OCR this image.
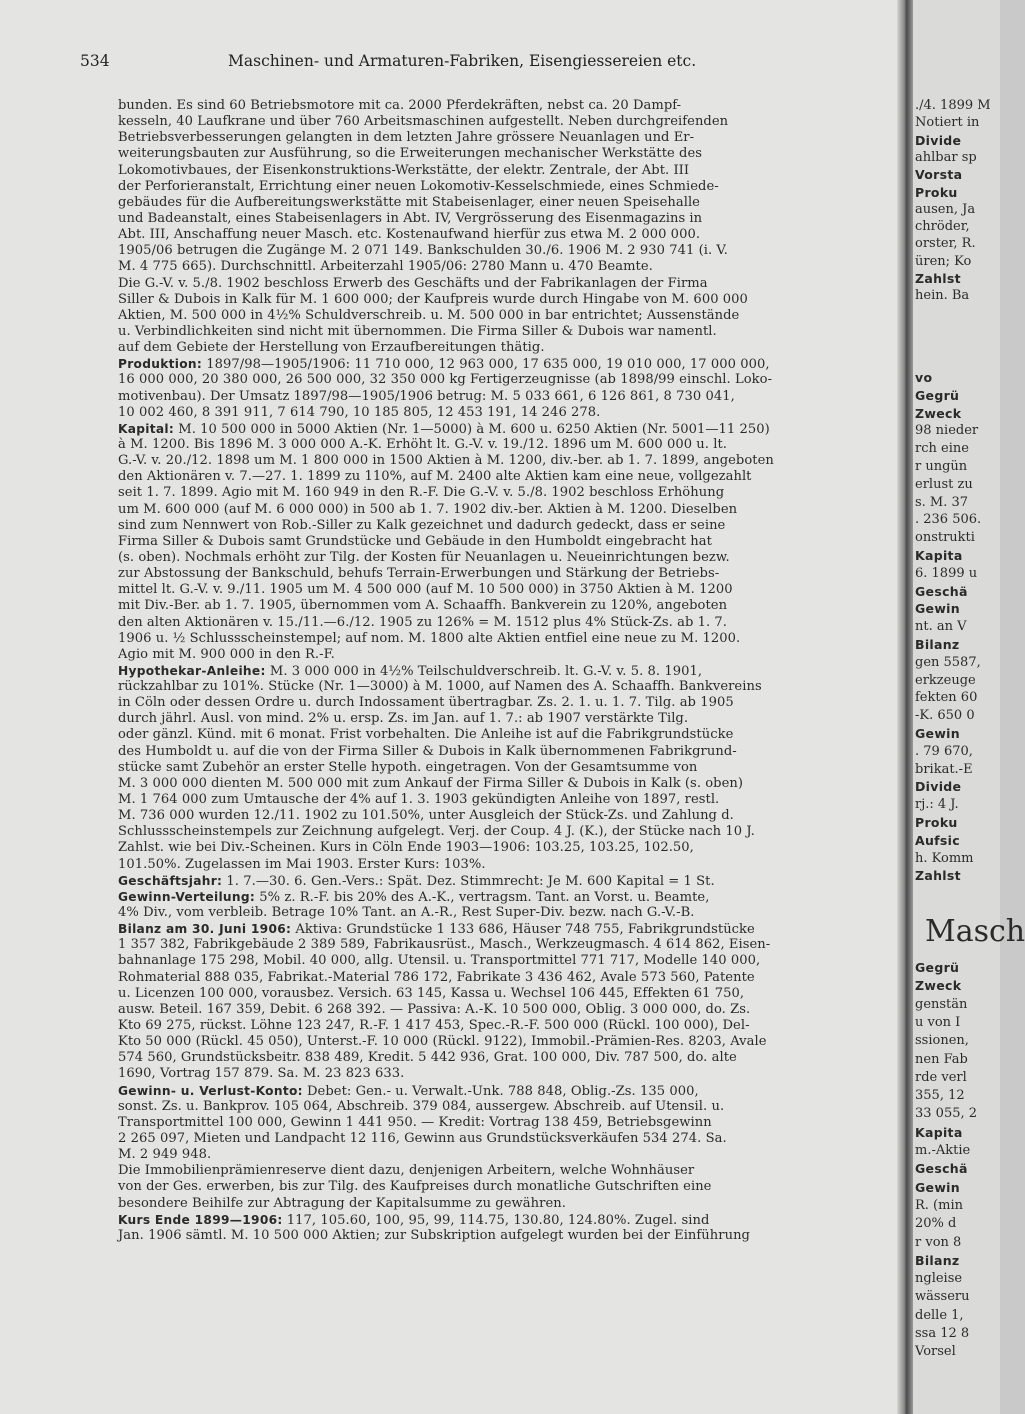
534	Maschinen- und Armaturen-Fabriken, Eisengiessereien etc.
bunden. Es sind 60 Betriebsmotore mit ca. 2000 Pferdekräften, nebst ca. 20 Dampf-
kesseln, 40 Laufkrane und über 760 Arbeitsmaschinen aufgestellt. Neben durchgreifenden
Betriebsverbesserungen gelangten in dem letzten Jahre grössere Neuanlagen und Er-
weiterungsbauten zur Ausführung, so die Erweiterungen mechanischer Werkstätte des
Lokomotivbaues, der Eisenkonstruktions-Werkstätte, der elektr. Zentrale, der Abt. III
der Perforieranstalt, Errichtung einer neuen Lokomotiv-Kesselschmiede, eines Schmiede-
gebäudes für die Aufbereitungswerkstätte mit Stabeisenlager, einer neuen Speisehalle
und Badeanstalt, eines Stabeisenlagers in Abt. IV, Vergrösserung des Eisenmagazins in
Abt. III, Anschaffung neuer Masch. etc. Kostenaufwand hierfür zus etwa M. 2 000 000.
1905/06 betrugen die Zugänge M. 2 071 149. Bankschulden 30./6. 1906 M. 2 930 741 (i. V.
M. 4 775 665). Durchschnittl. Arbeiterzahl 1905/06: 2780 Mann u. 470 Beamte.
Die G.-V. v. 5./8. 1902 beschloss Erwerb des Geschäfts und der Fabrikanlagen der Firma
Siller & Dubois in Kalk für M. 1 600 000; der Kaufpreis wurde durch Hingabe von M. 600 000
Aktien, M. 500 000 in 4½% Schuldverschreib. u. M. 500 000 in bar entrichtet; Aussenstände
u. Verbindlichkeiten sind nicht mit übernommen. Die Firma Siller & Dubois war namentl.
auf dem Gebiete der Herstellung von Erzaufbereitungen thätig.
Produktion: 1897/98—1905/1906: 11 710 000, 12 963 000, 17 635 000, 19 010 000, 17 000 000,
16 000 000, 20 380 000, 26 500 000, 32 350 000 kg Fertigerzeugnisse (ab 1898/99 einschl. Loko-
motivenbau). Der Umsatz 1897/98—1905/1906 betrug: M. 5 033 661, 6 126 861, 8 730 041,
10 002 460, 8 391 911, 7 614 790, 10 185 805, 12 453 191, 14 246 278.
Kapital: M. 10 500 000 in 5000 Aktien (Nr. 1—5000) à M. 600 u. 6250 Aktien (Nr. 5001—11 250)
à M. 1200. Bis 1896 M. 3 000 000 A.-K. Erhöht lt. G.-V. v. 19./12. 1896 um M. 600 000 u. lt.
G.-V. v. 20./12. 1898 um M. 1 800 000 in 1500 Aktien à M. 1200, div.-ber. ab 1. 7. 1899, angeboten
den Aktionären v. 7.—27. 1. 1899 zu 110%, auf M. 2400 alte Aktien kam eine neue, vollgezahlt
seit 1. 7. 1899. Agio mit M. 160 949 in den R.-F. Die G.-V. v. 5./8. 1902 beschloss Erhöhung
um M. 600 000 (auf M. 6 000 000) in 500 ab 1. 7. 1902 div.-ber. Aktien à M. 1200. Dieselben
sind zum Nennwert von Rob.-Siller zu Kalk gezeichnet und dadurch gedeckt, dass er seine
Firma Siller & Dubois samt Grundstücke und Gebäude in den Humboldt eingebracht hat
(s. oben). Nochmals erhöht zur Tilg. der Kosten für Neuanlagen u. Neueinrichtungen bezw.
zur Abstossung der Bankschuld, behufs Terrain-Erwerbungen und Stärkung der Betriebs-
mittel lt. G.-V. v. 9./11. 1905 um M. 4 500 000 (auf M. 10 500 000) in 3750 Aktien à M. 1200
mit Div.-Ber. ab 1. 7. 1905, übernommen vom A. Schaaffh. Bankverein zu 120%, angeboten
den alten Aktionären v. 15./11.—6./12. 1905 zu 126% = M. 1512 plus 4% Stück-Zs. ab 1. 7.
1906 u. ½ Schlussscheinstempel; auf nom. M. 1800 alte Aktien entfiel eine neue zu M. 1200.
Agio mit M. 900 000 in den R.-F.
Hypothekar-Anleihe: M. 3 000 000 in 4½% Teilschuldverschreib. lt. G.-V. v. 5. 8. 1901,
rückzahlbar zu 101%. Stücke (Nr. 1—3000) à M. 1000, auf Namen des A. Schaaffh. Bankvereins
in Cöln oder dessen Ordre u. durch Indossament übertragbar. Zs. 2. 1. u. 1. 7. Tilg. ab 1905
durch jährl. Ausl. von mind. 2% u. ersp. Zs. im Jan. auf 1. 7.: ab 1907 verstärkte Tilg.
oder gänzl. Künd. mit 6 monat. Frist vorbehalten. Die Anleihe ist auf die Fabrikgrundstücke
des Humboldt u. auf die von der Firma Siller & Dubois in Kalk übernommenen Fabrikgrund-
stücke samt Zubehör an erster Stelle hypoth. eingetragen. Von der Gesamtsumme von
M. 3 000 000 dienten M. 500 000 mit zum Ankauf der Firma Siller & Dubois in Kalk (s. oben)
M. 1 764 000 zum Umtausche der 4% auf 1. 3. 1903 gekündigten Anleihe von 1897, restl.
M. 736 000 wurden 12./11. 1902 zu 101.50%, unter Ausgleich der Stück-Zs. und Zahlung d.
Schlussscheinstempels zur Zeichnung aufgelegt. Verj. der Coup. 4 J. (K.), der Stücke nach 10 J.
Zahlst. wie bei Div.-Scheinen. Kurs in Cöln Ende 1903—1906: 103.25, 103.25, 102.50,
101.50%. Zugelassen im Mai 1903. Erster Kurs: 103%.
Geschäftsjahr: 1. 7.—30. 6. Gen.-Vers.: Spät. Dez. Stimmrecht: Je M. 600 Kapital = 1 St.
Gewinn-Verteilung: 5% z. R.-F. bis 20% des A.-K., vertragsm. Tant. an Vorst. u. Beamte,
4% Div., vom verbleib. Betrage 10% Tant. an A.-R., Rest Super-Div. bezw. nach G.-V.-B.
Bilanz am 30. Juni 1906: Aktiva: Grundstücke 1 133 686, Häuser 748 755, Fabrikgrundstücke
1 357 382, Fabrikgebäude 2 389 589, Fabrikausrüst., Masch., Werkzeugmasch. 4 614 862, Eisen-
bahnanlage 175 298, Mobil. 40 000, allg. Utensil. u. Transportmittel 771 717, Modelle 140 000,
Rohmaterial 888 035, Fabrikat.-Material 786 172, Fabrikate 3 436 462, Avale 573 560, Patente
u. Licenzen 100 000, vorausbez. Versich. 63 145, Kassa u. Wechsel 106 445, Effekten 61 750,
ausw. Beteil. 167 359, Debit. 6 268 392. — Passiva: A.-K. 10 500 000, Oblig. 3 000 000, do. Zs.
Kto 69 275, rückst. Löhne 123 247, R.-F. 1 417 453, Spec.-R.-F. 500 000 (Rückl. 100 000), Del-
Kto 50 000 (Rückl. 45 050), Unterst.-F. 10 000 (Rückl. 9122), Immobil.-Prämien-Res. 8203, Avale
574 560, Grundstücksbeitr. 838 489, Kredit. 5 442 936, Grat. 100 000, Div. 787 500, do. alte
1690, Vortrag 157 879. Sa. M. 23 823 633.
Gewinn- u. Verlust-Konto: Debet: Gen.- u. Verwalt.-Unk. 788 848, Oblig.-Zs. 135 000,
sonst. Zs. u. Bankprov. 105 064, Abschreib. 379 084, aussergew. Abschreib. auf Utensil. u.
Transportmittel 100 000, Gewinn 1 441 950. — Kredit: Vortrag 138 459, Betriebsgewinn
2 265 097, Mieten und Landpacht 12 116, Gewinn aus Grundstücksverkäufen 534 274. Sa.
M. 2 949 948.
Die Immobilienprämienreserve dient dazu, denjenigen Arbeitern, welche Wohnhäuser
von der Ges. erwerben, bis zur Tilg. des Kaufpreises durch monatliche Gutschriften eine
besondere Beihilfe zur Abtragung der Kapitalsumme zu gewähren.
Kurs Ende 1899—1906: 117, 105.60, 100, 95, 99, 114.75, 130.80, 124.80%. Zugel. sind
Jan. 1906 sämtl. M. 10 500 000 Aktien; zur Subskription aufgelegt wurden bei der Einführung
./4. 1899 M
Notiert in
Divide
ahlbar sp
Vorsta
Proku
ausen, Ja
chröder,
orster, R.
üren; Ko
Zahlst
hein. Ba
vo
Gegrü
Zweck
98 nieder
rch eine
r ungün
erlust zu
s. M. 37
. 236 506.
onstrukti
Kapita
6. 1899 u
Geschä
Gewin
nt. an V
Bilanz
gen 5587,
erkzeuge
fekten 60
-K. 650 0
Gewin
. 79 670,
brikat.-E
Divide
rj.: 4 J.
Proku
Aufsic
h. Komm
Zahlst
Gegrü
Zweck
genstän
u von I
ssionen,
nen Fab
rde verl
355, 12
33 055, 2
Kapita
m.-Aktie
Geschä
Gewin
R. (min
20% d
r von 8
Bilanz
ngleise
wässeru
delle 1,
ssa 12 8
Vorsel
Masch
